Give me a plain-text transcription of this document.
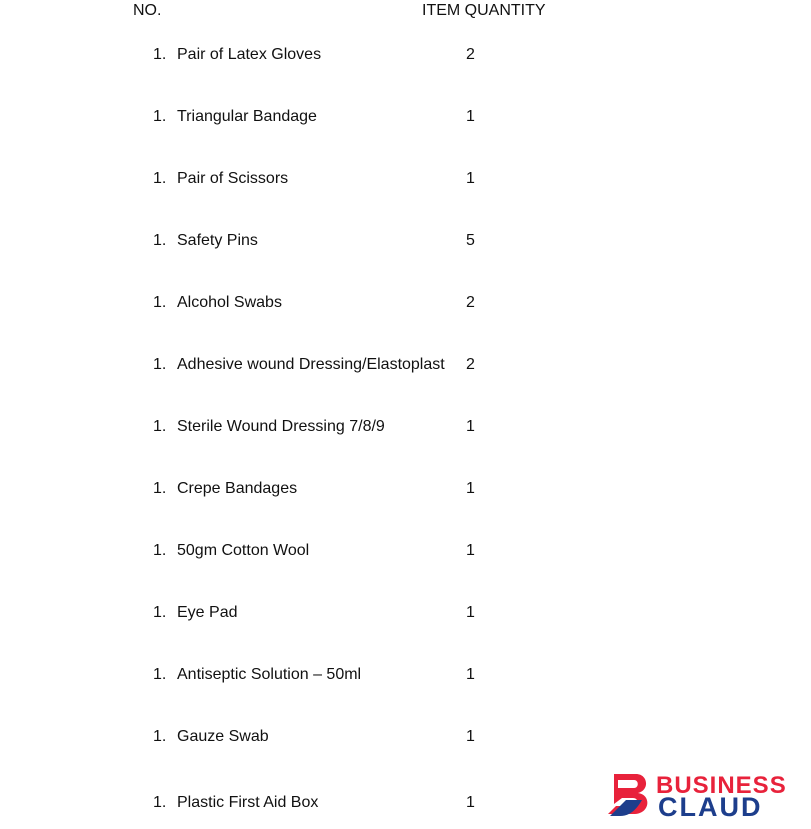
NO.	ITEM QUANTITY
1. Pair of Latex Gloves	2
1. Triangular Bandage	1
1. Pair of Scissors	1
1. Safety Pins	5
1. Alcohol Swabs	2
1. Adhesive wound Dressing/Elastoplast 2
1. Sterile Wound Dressing 7/8/9	1
1. Crepe Bandages	1
1. 50gm Cotton Wool	1
1. Eye Pad	1
1. Antiseptic Solution – 50ml	1
1. Gauze Swab	1
1. Plastic First Aid Box	1
BUSINESS
CLAUD
